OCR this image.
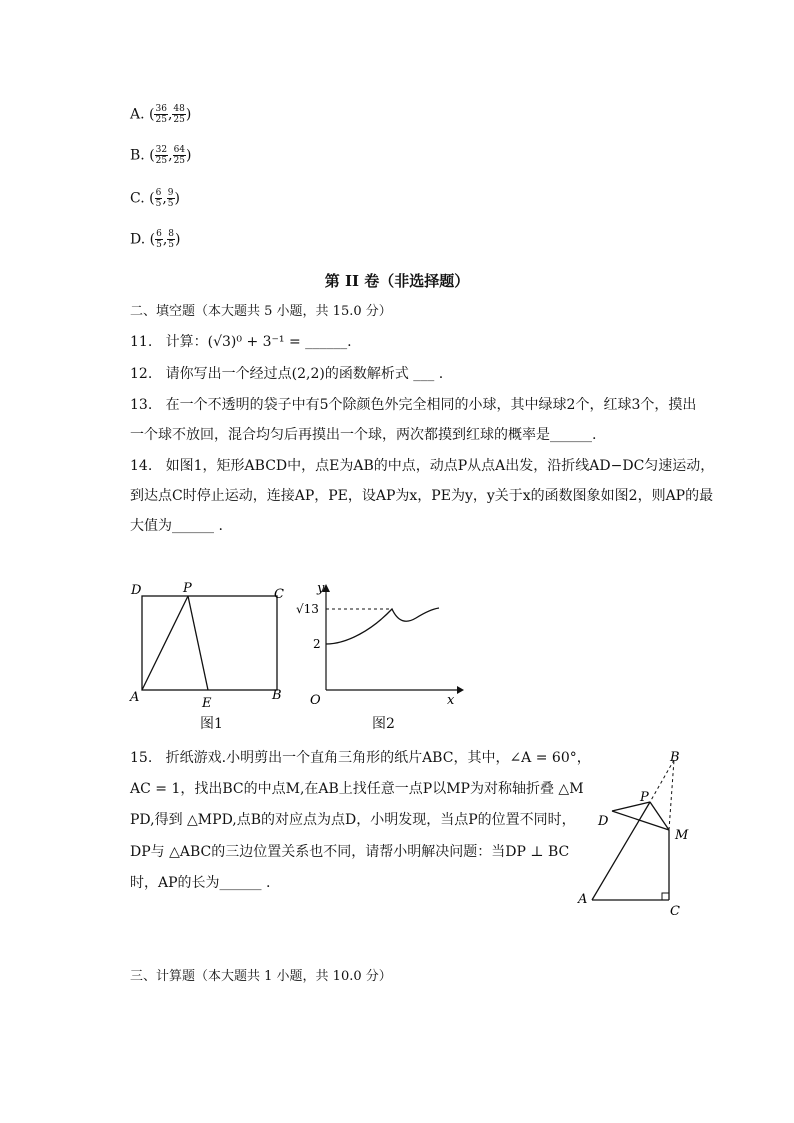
A. ( $\frac{36}{25}$ , $\frac{48}{25}$ )
B. ( $\frac{32}{25}$ , $\frac{64}{25}$ )
C. ( $\frac{6}{5}$ , $\frac{9}{5}$ )
D. ( $\frac{6}{5}$ , $\frac{8}{5}$ )
第 II 卷（非选择题）
二、填空题（本大题共 5 小题，共 15.0 分）
11. 计算：(√3)⁰ + 3⁻¹ = ______.
12. 请你写出一个经过点(2,2)的函数解析式 ___ .
13. 在一个不透明的袋子中有5个除颜色外完全相同的小球，其中绿球2个，红球3个，摸出
一个球不放回，混合均匀后再摸出一个球，两次都摸到红球的概率是______.
14. 如图1，矩形ABCD中，点E为AB的中点，动点P从点A出发，沿折线AD−DC匀速运动，
到达点C时停止运动，连接AP，PE，设AP为x，PE为y，y关于x的函数图象如图2，则AP的最
大值为______ .
D	P	C
A	E
B
图1
y
√13
2
O	x
图2
15. 折纸游戏.小明剪出一个直角三角形的纸片ABC，其中，∠A = 60°，
AC = 1，找出BC的中点M,在AB上找任意一点P以MP为对称轴折叠 △M
PD,得到 △MPD,点B的对应点为点D，小明发现，当点P的位置不同时，
DP与 △ABC的三边位置关系也不同，请帮小明解决问题：当DP ⊥ BC
时，AP的长为______ .
B
P
D
M
A
C
三、计算题（本大题共 1 小题，共 10.0 分）
